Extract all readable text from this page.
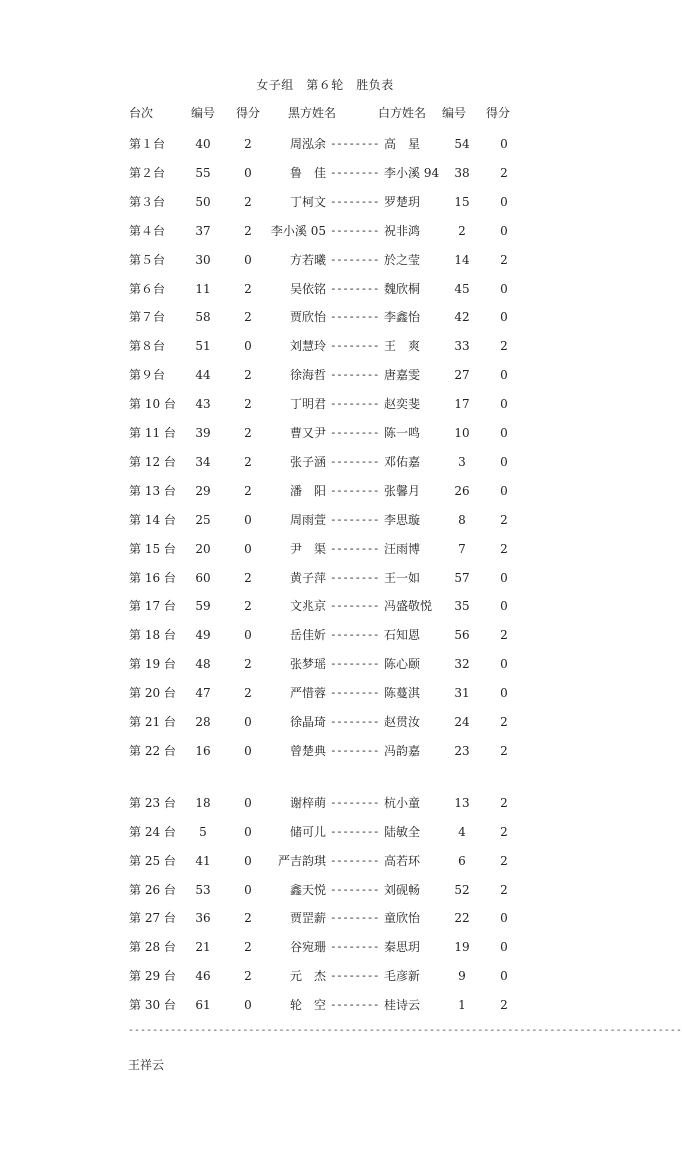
女子组　第６轮　胜负表
台次	编号	得分	黑方姓名	白方姓名	编号	得分
第１台	40	2	周泓余 -------- 高　星	54	0
第２台	55	0	鲁　佳 -------- 李小溪 94	38	2
第３台	50	2	丁柯文 -------- 罗楚玥	15	0
第４台	37	2	李小溪 05 -------- 祝非鸿	2	0
第５台	30	0	方若曦 -------- 於之莹	14	2
第６台	11	2	吴依铭 -------- 魏欣桐	45	0
第７台	58	2	贾欣怡 -------- 李鑫怡	42	0
第８台	51	0	刘慧玲 -------- 王　爽	33	2
第９台	44	2	徐海哲 -------- 唐嘉雯	27	0
第 10 台	43	2	丁明君 -------- 赵奕斐	17	0
第 11 台	39	2	曹又尹 -------- 陈一鸣	10	0
第 12 台	34	2	张子涵 -------- 邓佑嘉	3	0
第 13 台	29	2	潘　阳 -------- 张馨月	26	0
第 14 台	25	0	周雨萱 -------- 李思璇	8	2
第 15 台	20	0	尹　渠 -------- 汪雨博	7	2
第 16 台	60	2	黄子萍 -------- 王一如	57	0
第 17 台	59	2	文兆京 -------- 冯盛敬悦	35	0
第 18 台	49	0	岳佳妡 -------- 石知恩	56	2
第 19 台	48	2	张梦瑶 -------- 陈心颐	32	0
第 20 台	47	2	严惜蓉 -------- 陈蔓淇	31	0
第 21 台	28	0	徐晶琦 -------- 赵贯汝	24	2
第 22 台	16	0	曾楚典 -------- 冯韵嘉	23	2
第 23 台	18	0	谢梓萌 -------- 杭小童	13	2
第 24 台	5	0	储可儿 -------- 陆敏全	4	2
第 25 台	41	0	严吉韵琪 -------- 高若环	6	2
第 26 台	53	0	鑫天悦 -------- 刘砚畅	52	2
第 27 台	36	2	贾罡薪 -------- 童欣怡	22	0
第 28 台	21	2	谷宛珊 -------- 秦思玥	19	0
第 29 台	46	2	元　杰 -------- 毛彦新	9	0
第 30 台	61	0	轮　空 -------- 桂诗云	1	2
--------------------------------------------------------------------------------------------
王祥云
